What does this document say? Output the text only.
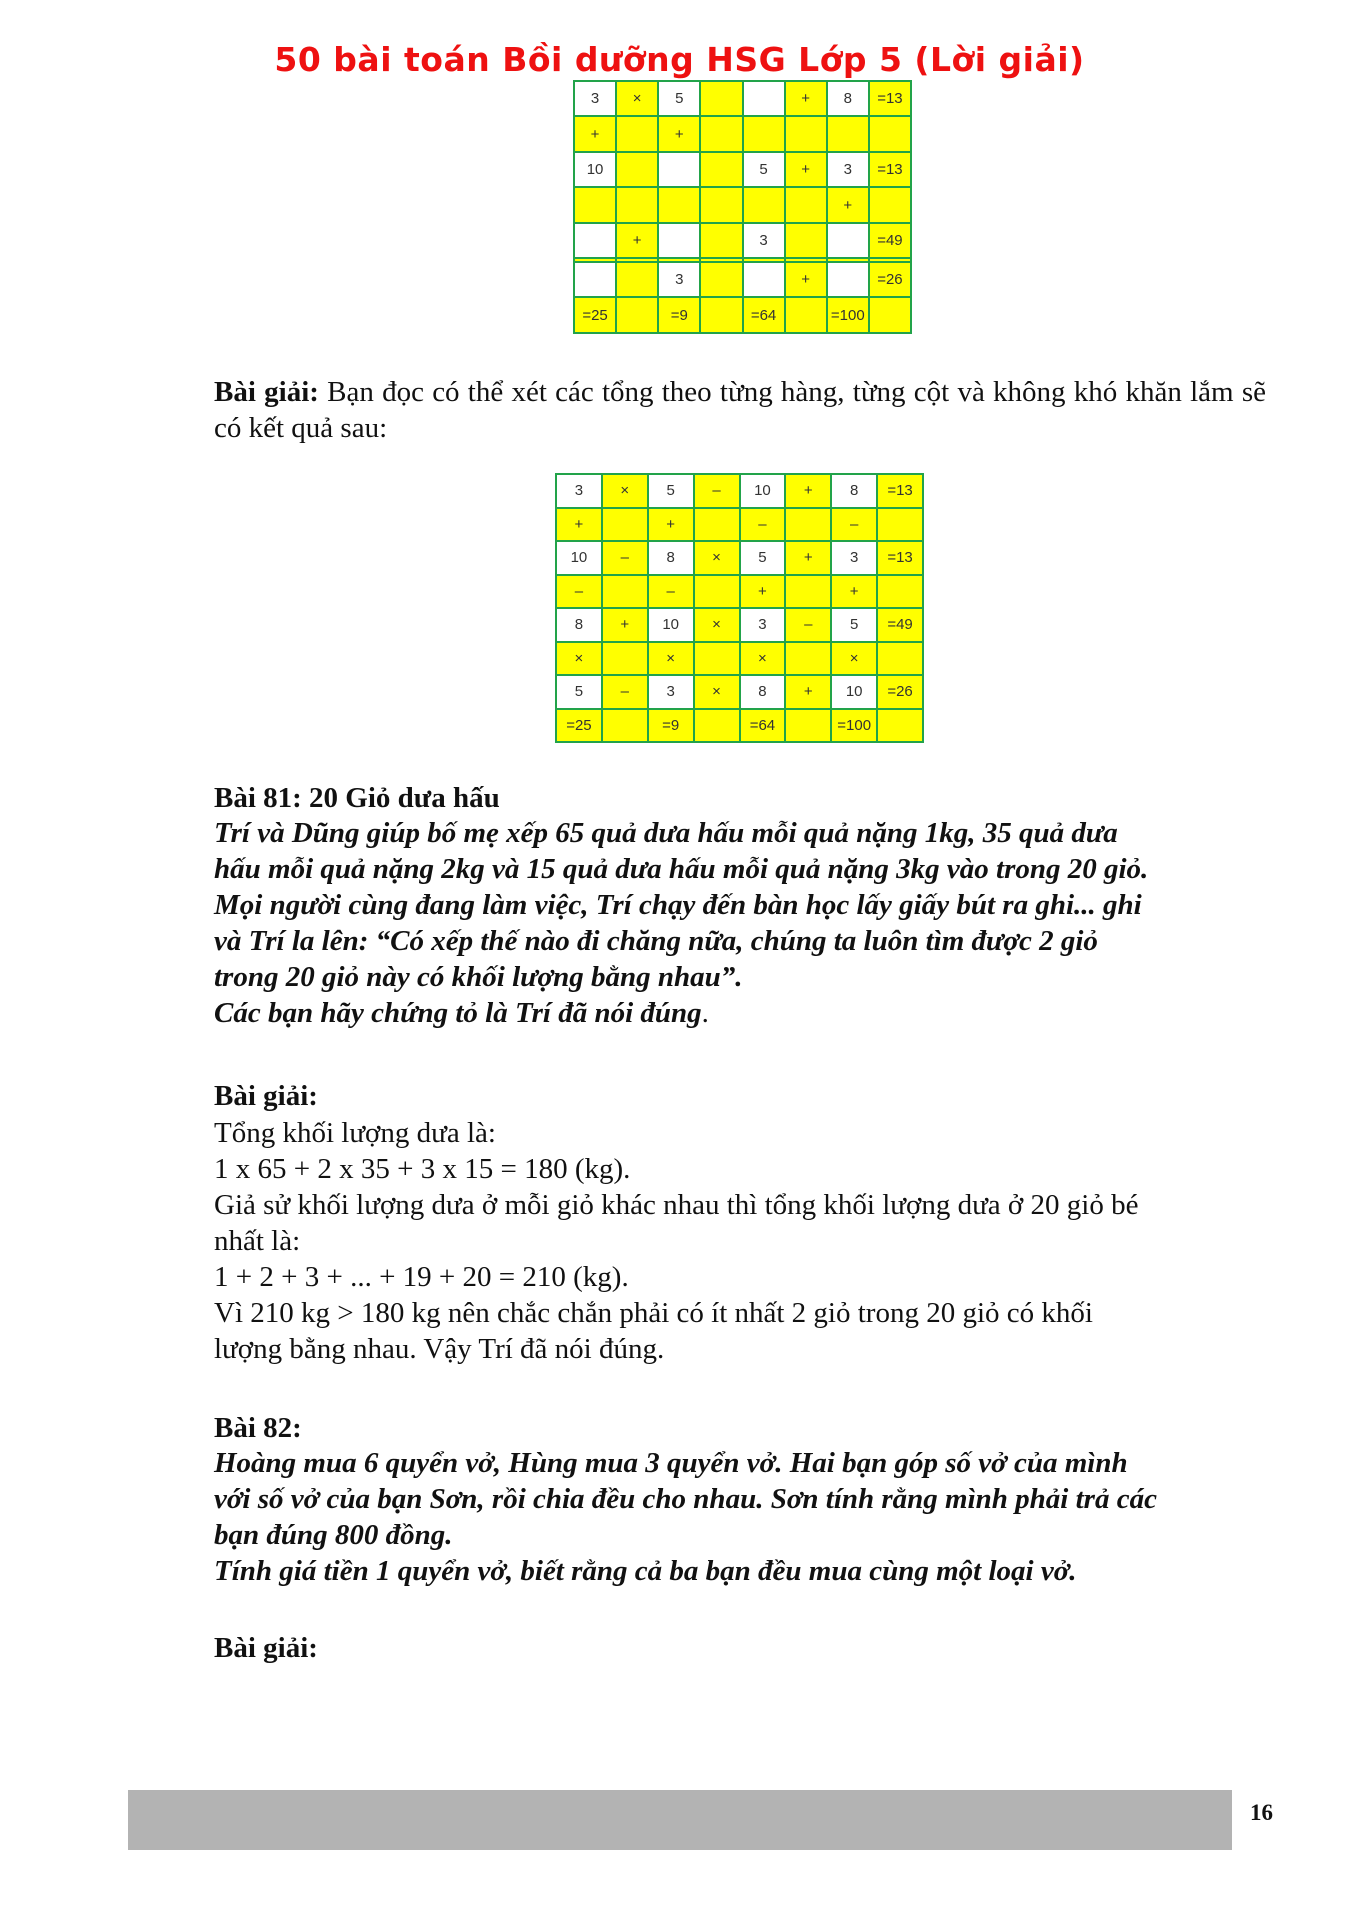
50 bài toán Bồi dưỡng HSG Lớp 5 (Lời giải)
3	×	5			+	8	=13
+		+					
10				5	+	3	=13
						+	
	+			3			=49

		3			+		=26
=25		=9		=64		=100	

Bài giải: Bạn đọc có thể xét các tổng theo từng hàng, từng cột và không khó khăn lắm sẽ có kết quả sau:

3	×	5	–	10	+	8	=13
+		+		–		–	
10	–	8	×	5	+	3	=13
–		–		+		+	
8	+	10	×	3	–	5	=49
×		×		×		×	
5	–	3	×	8	+	10	=26
=25		=9		=64		=100	
Bài 81: 20 Giỏ dưa hấu
Trí và Dũng giúp bố mẹ xếp 65 quả dưa hấu mỗi quả nặng 1kg, 35 quả dưa
hấu mỗi quả nặng 2kg và 15 quả dưa hấu mỗi quả nặng 3kg vào trong 20 giỏ.
Mọi người cùng đang làm việc, Trí chạy đến bàn học lấy giấy bút ra ghi... ghi
và Trí la lên: “Có xếp thế nào đi chăng nữa, chúng ta luôn tìm được 2 giỏ
trong 20 giỏ này có khối lượng bằng nhau”.
Các bạn hãy chứng tỏ là Trí đã nói đúng.
Bài giải:
Tổng khối lượng dưa là:
1 x 65 + 2 x 35 + 3 x 15 = 180 (kg).
Giả sử khối lượng dưa ở mỗi giỏ khác nhau thì tổng khối lượng dưa ở 20 giỏ bé
nhất là:
1 + 2 + 3 + ... + 19 + 20 = 210 (kg).
Vì 210 kg > 180 kg nên chắc chắn phải có ít nhất 2 giỏ trong 20 giỏ có khối
lượng bằng nhau. Vậy Trí đã nói đúng.
Bài 82:
Hoàng mua 6 quyển vở, Hùng mua 3 quyển vở. Hai bạn góp số vở của mình
với số vở của bạn Sơn, rồi chia đều cho nhau. Sơn tính rằng mình phải trả các
bạn đúng 800 đồng.
Tính giá tiền 1 quyển vở, biết rằng cả ba bạn đều mua cùng một loại vở.
Bài giải:
16
